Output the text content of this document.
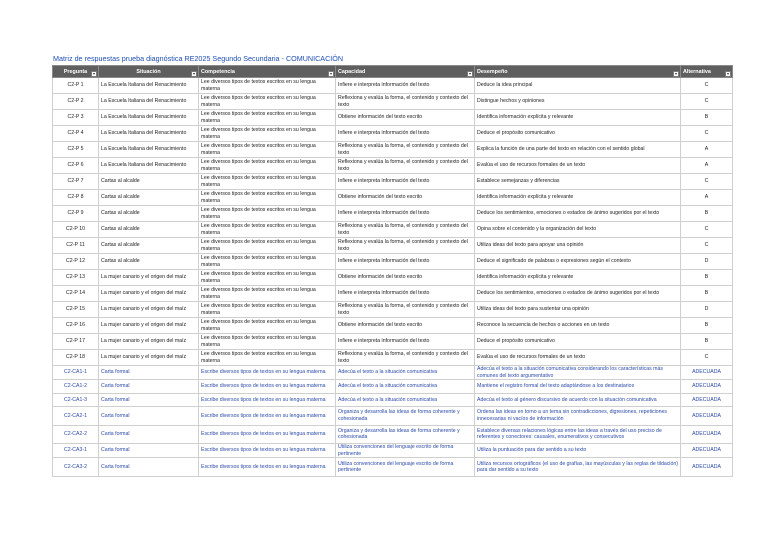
Matriz de respuestas prueba diagnóstica RE2025 Segundo Secundaria - COMUNICACIÓN
Pregunta	Situación	Competencia	Capacidad	Desempeño	Alternativa

C2-P 1	La Escuela Italiana del Renacimiento	Lee diversos tipos de textos escritos en su lengua materna	Infiere e interpreta información del texto	Deduce la idea principal	C
C2-P 2	La Escuela Italiana del Renacimiento	Lee diversos tipos de textos escritos en su lengua materna	Reflexiona y evalúa la forma, el contenido y contexto del texto	Distingue hechos y opiniones	C
C2-P 3	La Escuela Italiana del Renacimiento	Lee diversos tipos de textos escritos en su lengua materna	Obtiene información del texto escrito	Identifica información explícita y relevante	B
C2-P 4	La Escuela Italiana del Renacimiento	Lee diversos tipos de textos escritos en su lengua materna	Infiere e interpreta información del texto	Deduce el propósito comunicativo	C
C2-P 5	La Escuela Italiana del Renacimiento	Lee diversos tipos de textos escritos en su lengua materna	Reflexiona y evalúa la forma, el contenido y contexto del texto	Explica la función de una parte del texto en relación con el sentido global	A
C2-P 6	La Escuela Italiana del Renacimiento	Lee diversos tipos de textos escritos en su lengua materna	Reflexiona y evalúa la forma, el contenido y contexto del texto	Evalúa el uso de recursos formales de un texto	A
C2-P 7	Cartas al alcalde	Lee diversos tipos de textos escritos en su lengua materna	Infiere e interpreta información del texto	Establece semejanzas y diferencias	C
C2-P 8	Cartas al alcalde	Lee diversos tipos de textos escritos en su lengua materna	Obtiene información del texto escrito	Identifica información explícita y relevante	A
C2-P 9	Cartas al alcalde	Lee diversos tipos de textos escritos en su lengua materna	Infiere e interpreta información del texto	Deduce los sentimientos, emociones o estados de ánimo sugeridos por el texto	B
C2-P 10	Cartas al alcalde	Lee diversos tipos de textos escritos en su lengua materna	Reflexiona y evalúa la forma, el contenido y contexto del texto	Opina sobre el contenido y la organización del texto	C
C2-P 11	Cartas al alcalde	Lee diversos tipos de textos escritos en su lengua materna	Reflexiona y evalúa la forma, el contenido y contexto del texto	Utiliza ideas del texto para apoyar una opinión	C
C2-P 12	Cartas al alcalde	Lee diversos tipos de textos escritos en su lengua materna	Infiere e interpreta información del texto	Deduce el significado de palabras o expresiones según el contexto	D
C2-P 13	La mujer canario y el origen del maíz	Lee diversos tipos de textos escritos en su lengua materna	Obtiene información del texto escrito	Identifica información explícita y relevante	B
C2-P 14	La mujer canario y el origen del maíz	Lee diversos tipos de textos escritos en su lengua materna	Infiere e interpreta información del texto	Deduce los sentimientos, emociones o estados de ánimo sugeridos por el texto	B
C2-P 15	La mujer canario y el origen del maíz	Lee diversos tipos de textos escritos en su lengua materna	Reflexiona y evalúa la forma, el contenido y contexto del texto	Utiliza ideas del texto para sustentar una opinión	D
C2-P 16	La mujer canario y el origen del maíz	Lee diversos tipos de textos escritos en su lengua materna	Obtiene información del texto escrito	Reconoce la secuencia de hechos o acciones en un texto	B
C2-P 17	La mujer canario y el origen del maíz	Lee diversos tipos de textos escritos en su lengua materna	Infiere e interpreta información del texto	Deduce el propósito comunicativo	B
C2-P 18	La mujer canario y el origen del maíz	Lee diversos tipos de textos escritos en su lengua materna	Reflexiona y evalúa la forma, el contenido y contexto del texto	Evalúa el uso de recursos formales de un texto	C
C2-CA1-1	Carta formal	Escribe diversos tipos de textos en su lengua materna	Adecúa el texto a la situación comunicativa	Adecúa el texto a la situación comunicativa considerando los características más comunes del texto argumentativo	ADECUADA
C2-CA1-2	Carta formal	Escribe diversos tipos de textos en su lengua materna	Adecúa el texto a la situación comunicativa	Mantiene el registro formal del texto adaptándose a los destinatarios	ADECUADA
C2-CA1-3	Carta formal	Escribe diversos tipos de textos en su lengua materna	Adecúa el texto a la situación comunicativa	Adecúa el texto al género discursivo de acuerdo con la situación comunicativa	ADECUADA
C2-CA2-1	Carta formal	Escribe diversos tipos de textos en su lengua materna	Organiza y desarrolla las ideas de forma coherente y cohesionada	Ordena las ideas en torno a un tema sin contradicciones, digresiones, repeticiones innecesarias ni vacíos de información	ADECUADA
C2-CA2-2	Carta formal	Escribe diversos tipos de textos en su lengua materna	Organiza y desarrolla las ideas de forma coherente y cohesionada	Establece diversas relaciones lógicas entre las ideas a través del uso preciso de referentes y conectores: causales, enumerativos y consecutivos	ADECUADA
C2-CA3-1	Carta formal	Escribe diversos tipos de textos en su lengua materna	Utiliza convenciones del lenguaje escrito de forma pertinente	Utiliza la puntuación para dar sentido a su texto	ADECUADA
C2-CA3-2	Carta formal	Escribe diversos tipos de textos en su lengua materna	Utiliza convenciones del lenguaje escrito de forma pertinente	Utiliza recursos ortográficos (el uso de grafías, las mayúsculas y las reglas de tildación) para dar sentido a su texto	ADECUADA
